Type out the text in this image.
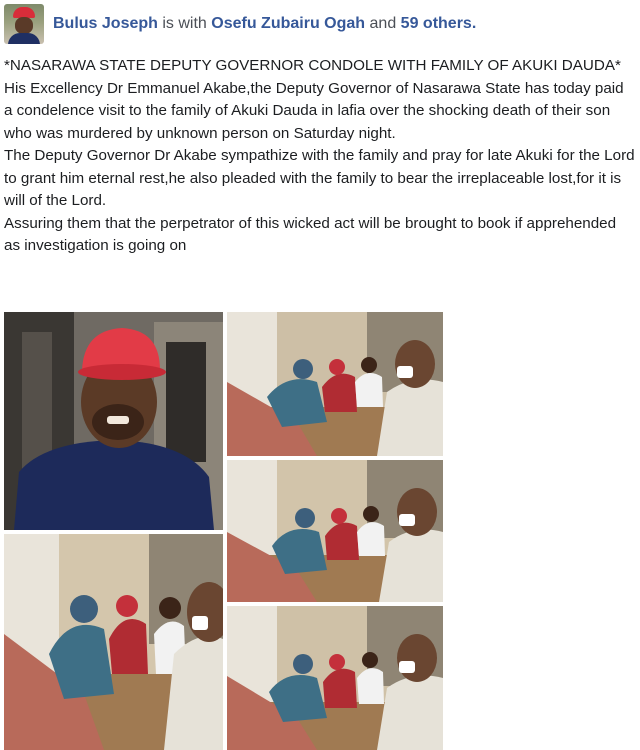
Bulus Joseph is with Osefu Zubairu Ogah and 59 others.

*NASARAWA STATE DEPUTY GOVERNOR CONDOLE WITH FAMILY OF AKUKI DAUDA*

His Excellency Dr Emmanuel Akabe,the Deputy Governor of Nasarawa State has today paid a condelence visit to the family of Akuki Dauda in lafia over the shocking death of their son who was murdered by unknown person on Saturday night.

The Deputy Governor Dr Akabe sympathize with the family and pray for late Akuki for the Lord to grant him eternal rest,he also pleaded with the family to bear the irreplaceable lost,for it is will of the Lord.

Assuring them that the perpetrator of this wicked act will be brought to book if apprehended as investigation is going on
